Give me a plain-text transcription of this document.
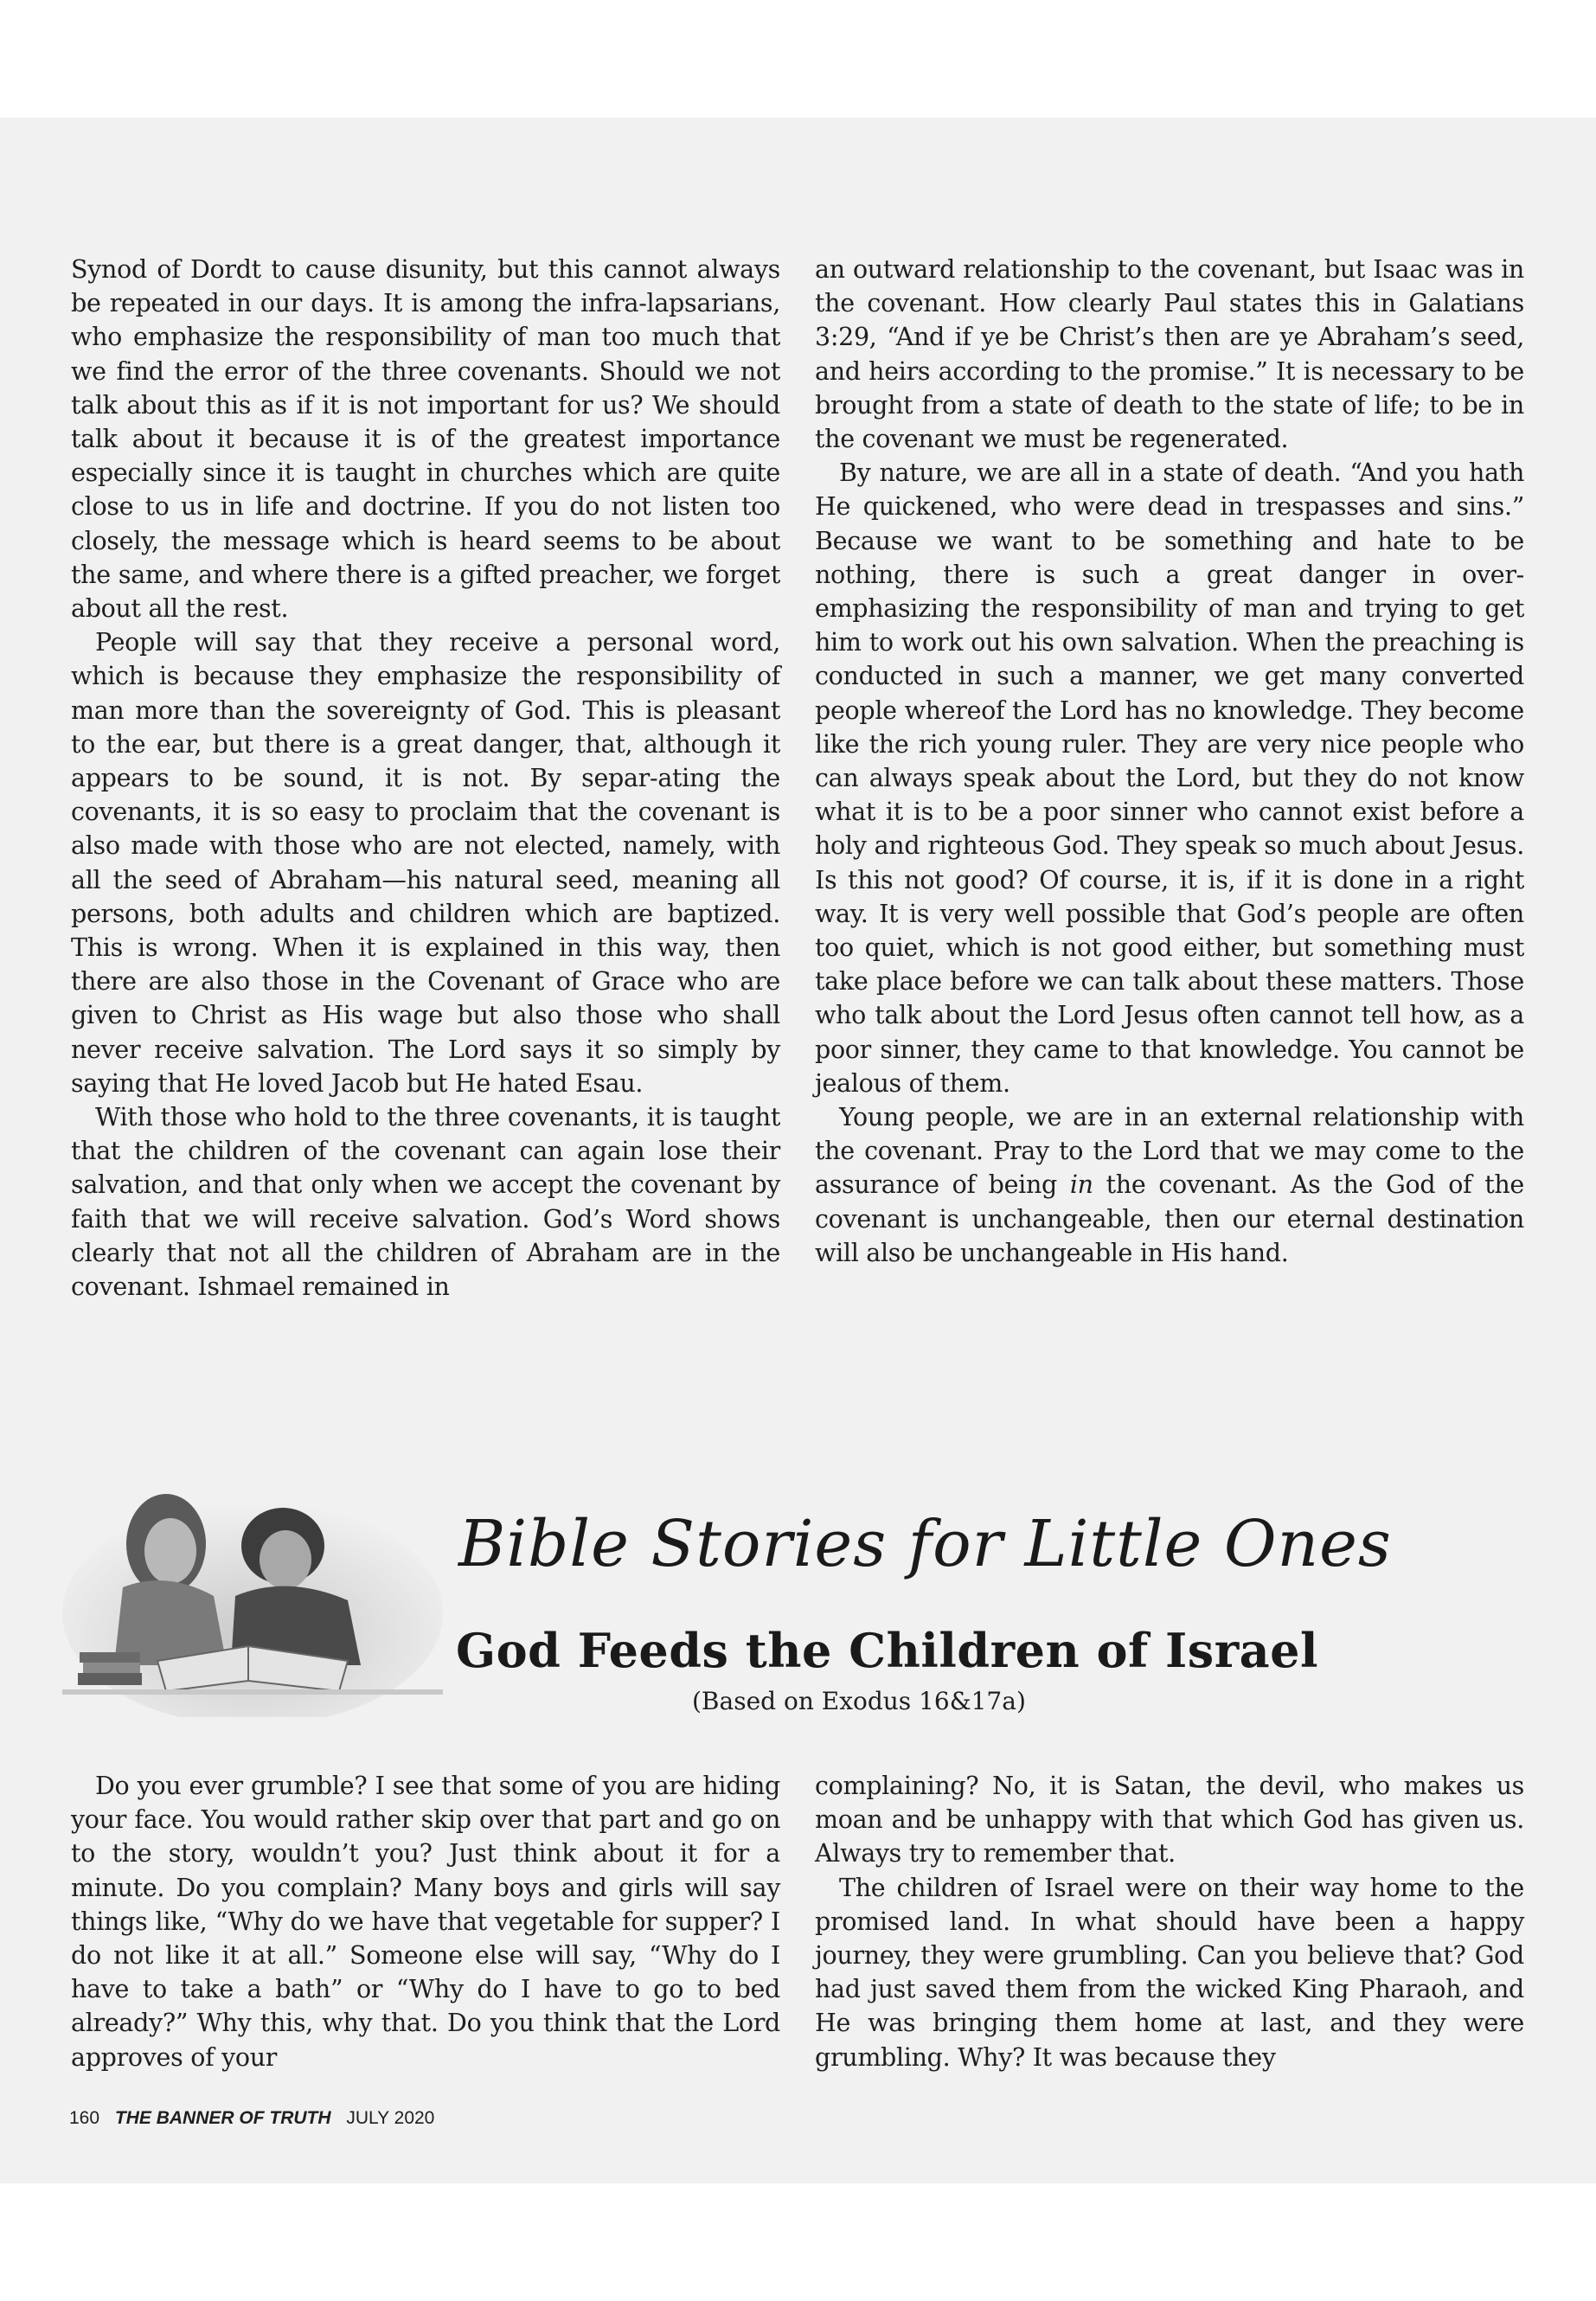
Synod of Dordt to cause disunity, but this cannot always be repeated in our days. It is among the infra-lapsarians, who emphasize the responsibility of man too much that we find the error of the three covenants. Should we not talk about this as if it is not important for us? We should talk about it because it is of the greatest importance especially since it is taught in churches which are quite close to us in life and doctrine. If you do not listen too closely, the message which is heard seems to be about the same, and where there is a gifted preacher, we forget about all the rest.

People will say that they receive a personal word, which is because they emphasize the responsibility of man more than the sovereignty of God. This is pleasant to the ear, but there is a great danger, that, although it appears to be sound, it is not. By separ-ating the covenants, it is so easy to proclaim that the covenant is also made with those who are not elected, namely, with all the seed of Abraham—his natural seed, meaning all persons, both adults and children which are baptized. This is wrong. When it is explained in this way, then there are also those in the Covenant of Grace who are given to Christ as His wage but also those who shall never receive salvation. The Lord says it so simply by saying that He loved Jacob but He hated Esau.

With those who hold to the three covenants, it is taught that the children of the covenant can again lose their salvation, and that only when we accept the covenant by faith that we will receive salvation. God’s Word shows clearly that not all the children of Abraham are in the covenant. Ishmael remained in

an outward relationship to the covenant, but Isaac was in the covenant. How clearly Paul states this in Galatians 3:29, “And if ye be Christ’s then are ye Abraham’s seed, and heirs according to the promise.” It is necessary to be brought from a state of death to the state of life; to be in the covenant we must be regenerated.

By nature, we are all in a state of death. “And you hath He quickened, who were dead in trespasses and sins.” Because we want to be something and hate to be nothing, there is such a great danger in over-emphasizing the responsibility of man and trying to get him to work out his own salvation. When the preaching is conducted in such a manner, we get many converted people whereof the Lord has no knowledge. They become like the rich young ruler. They are very nice people who can always speak about the Lord, but they do not know what it is to be a poor sinner who cannot exist before a holy and righteous God. They speak so much about Jesus. Is this not good? Of course, it is, if it is done in a right way. It is very well possible that God’s people are often too quiet, which is not good either, but something must take place before we can talk about these matters. Those who talk about the Lord Jesus often cannot tell how, as a poor sinner, they came to that knowledge. You cannot be jealous of them.

Young people, we are in an external relationship with the covenant. Pray to the Lord that we may come to the assurance of being in the covenant. As the God of the covenant is unchangeable, then our eternal destination will also be unchangeable in His hand.

Bible Stories for Little Ones
God Feeds the Children of Israel
(Based on Exodus 16&17a)

Do you ever grumble? I see that some of you are hiding your face. You would rather skip over that part and go on to the story, wouldn’t you? Just think about it for a minute. Do you complain? Many boys and girls will say things like, “Why do we have that vegetable for supper? I do not like it at all.” Someone else will say, “Why do I have to take a bath” or “Why do I have to go to bed already?” Why this, why that. Do you think that the Lord approves of your

complaining? No, it is Satan, the devil, who makes us moan and be unhappy with that which God has given us. Always try to remember that.

The children of Israel were on their way home to the promised land. In what should have been a happy journey, they were grumbling. Can you believe that? God had just saved them from the wicked King Pharaoh, and He was bringing them home at last, and they were grumbling. Why? It was because they

160 THE BANNER OF TRUTH JULY 2020
